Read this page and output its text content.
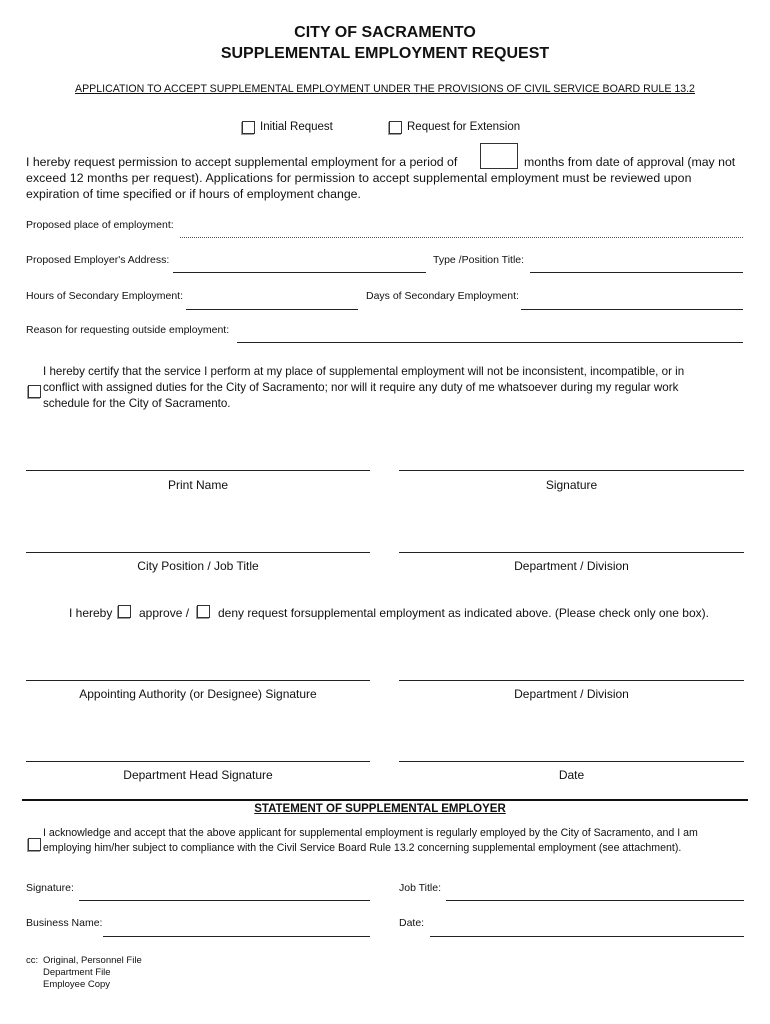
CITY OF SACRAMENTO
SUPPLEMENTAL EMPLOYMENT REQUEST
APPLICATION TO ACCEPT SUPPLEMENTAL EMPLOYMENT UNDER THE PROVISIONS OF CIVIL SERVICE BOARD RULE 13.2
Initial Request	Request for Extension
I hereby request permission to accept supplemental employment for a period of	months from date of approval (may not
exceed 12 months per request). Applications for permission to accept supplemental employment must be reviewed upon
expiration of time specified or if hours of employment change.
Proposed place of employment:
Proposed Employer's Address:	Type /Position Title:
Hours of Secondary Employment:	Days of Secondary Employment:
Reason for requesting outside employment:
I hereby certify that the service I perform at my place of supplemental employment will not be inconsistent, incompatible, or in
conflict with assigned duties for the City of Sacramento; nor will it require any duty of me whatsoever during my regular work
schedule for the City of Sacramento.
Print Name	Signature
City Position / Job Title	Department / Division
I hereby approve / deny request forsupplemental employment as indicated above. (Please check only one box).
Appointing Authority (or Designee) Signature	Department / Division
Department Head Signature	Date
STATEMENT OF SUPPLEMENTAL EMPLOYER
I acknowledge and accept that the above applicant for supplemental employment is regularly employed by the City of Sacramento, and I am
employing him/her subject to compliance with the Civil Service Board Rule 13.2 concerning supplemental employment (see attachment).
Signature:	Job Title:
Business Name:	Date:
cc: Original, Personnel File
Department File
Employee Copy
